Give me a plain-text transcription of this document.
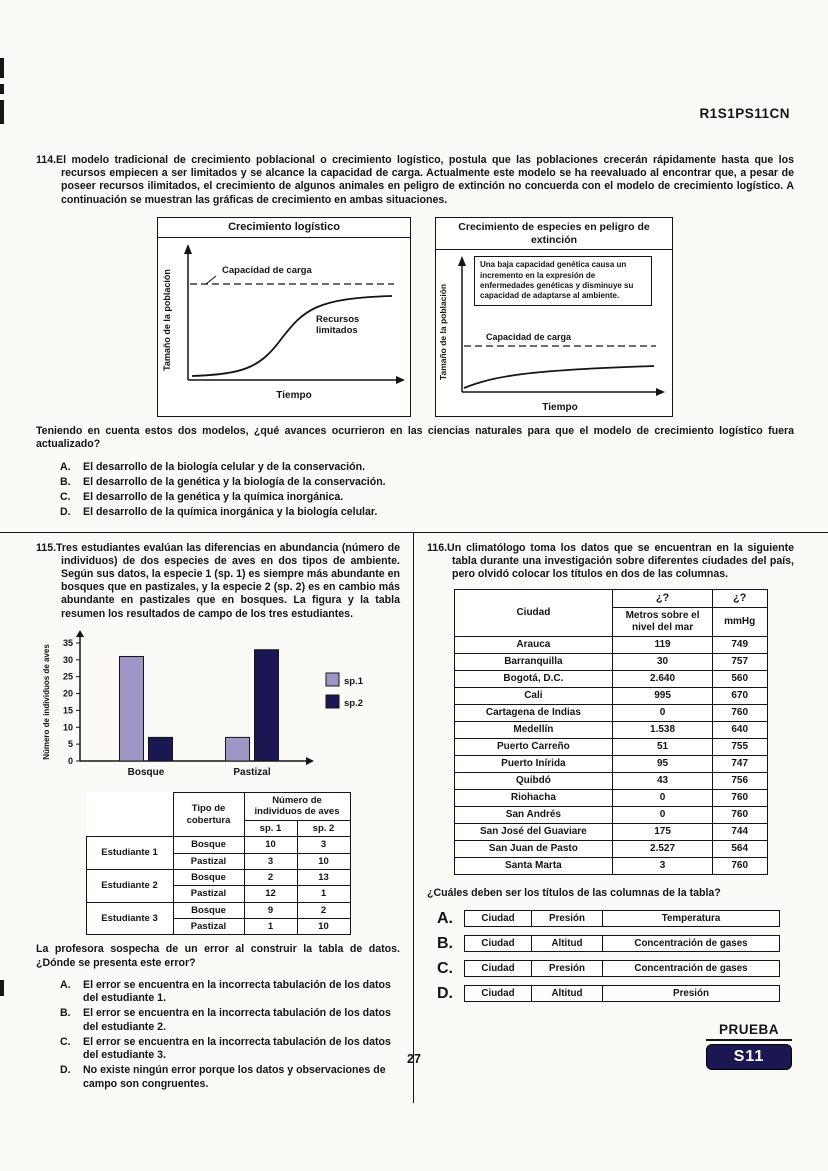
R1S1PS11CN

114.El modelo tradicional de crecimiento poblacional o crecimiento logístico, postula que las poblaciones crecerán rápidamente hasta que los recursos empiecen a ser limitados y se alcance la capacidad de carga. Actualmente este modelo se ha reevaluado al encontrar que, a pesar de poseer recursos ilimitados, el crecimiento de algunos animales en peligro de extinción no concuerda con el modelo de crecimiento logístico. A continuación se muestran las gráficas de crecimiento en ambas situaciones.

Crecimiento logístico
Capacidad de carga
Recursos
limitados
Tamaño de la población
Tiempo
Crecimiento de especies en peligro de extinción
Capacidad de carga
Tamaño de la población
Tiempo
Una baja capacidad genética causa un incremento en la expresión de enfermedades genéticas y disminuye su capacidad de adaptarse al ambiente.

Teniendo en cuenta estos dos modelos, ¿qué avances ocurrieron en las ciencias naturales para que el modelo de crecimiento logístico fuera actualizado?

A.	El desarrollo de la biología celular y de la conservación.
B.	El desarrollo de la genética y la biología de la conservación.
C.	El desarrollo de la genética y la química inorgánica.
D.	El desarrollo de la química inorgánica y la biología celular.

115.Tres estudiantes evalúan las diferencias en abundancia (número de individuos) de dos especies de aves en dos tipos de ambiente. Según sus datos, la especie 1 (sp. 1) es siempre más abundante en bosques que en pastizales, y la especie 2 (sp. 2) es en cambio más abundante en pastizales que en bosques. La figura y la tabla resumen los resultados de campo de los tres estudiantes.

0
5
10
15
20
25
30
35
Bosque	Pastizal
sp.1
sp.2
Número de individuos de aves
	Tipo de cobertura	Número de individuos de aves	
		sp. 1	sp. 2
Estudiante 1	Bosque	10	3
	Pastizal	3	10
Estudiante 2	Bosque	2	13
	Pastizal	12	1
Estudiante 3	Bosque	9	2
	Pastizal	1	10

La profesora sospecha de un error al construir la tabla de datos. ¿Dónde se presenta este error?

A.	El error se encuentra en la incorrecta tabulación de los datos del estudiante 1.
B.	El error se encuentra en la incorrecta tabulación de los datos del estudiante 2.
C.	El error se encuentra en la incorrecta tabulación de los datos del estudiante 3.
D.	No existe ningún error porque los datos y observaciones de campo son congruentes.

116.Un climatólogo toma los datos que se encuentran en la siguiente tabla durante una investigación sobre diferentes ciudades del país, pero olvidó colocar los títulos en dos de las columnas.

Ciudad	¿?	¿?
	Metros sobre el nivel del mar	mmHg
Arauca	119	749
Barranquilla	30	757
Bogotá, D.C.	2.640	560
Cali	995	670
Cartagena de Indias	0	760
Medellín	1.538	640
Puerto Carreño	51	755
Puerto Inírida	95	747
Quibdó	43	756
Riohacha	0	760
San Andrés	0	760
San José del Guaviare	175	744
San Juan de Pasto	2.527	564
Santa Marta	3	760

¿Cuáles deben ser los títulos de las columnas de la tabla?

A.	Ciudad	Presión	Temperatura
B.	Ciudad	Altitud	Concentración de gases
C.	Ciudad	Presión	Concentración de gases
D.	Ciudad	Altitud	Presión
27
PRUEBA
S11
